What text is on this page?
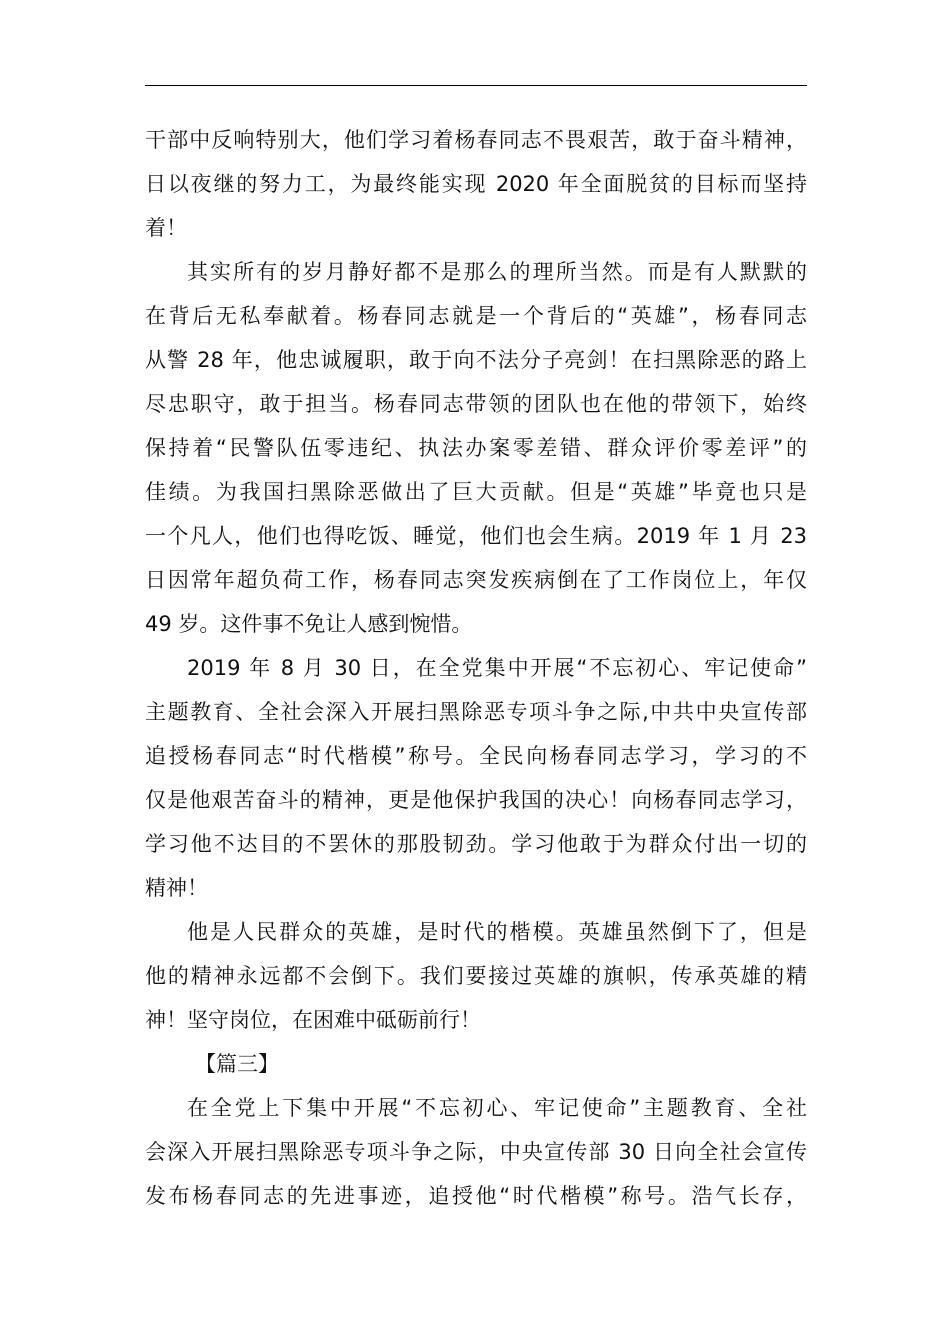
干部中反响特别大，他们学习着杨春同志不畏艰苦，敢于奋斗精神，
日以夜继的努力工，为最终能实现 2020 年全面脱贫的目标而坚持
着！
其实所有的岁月静好都不是那么的理所当然。而是有人默默的
在背后无私奉献着。杨春同志就是一个背后的“英雄”，杨春同志
从警 28 年，他忠诚履职，敢于向不法分子亮剑！在扫黑除恶的路上
尽忠职守，敢于担当。杨春同志带领的团队也在他的带领下，始终
保持着“民警队伍零违纪、执法办案零差错、群众评价零差评”的
佳绩。为我国扫黑除恶做出了巨大贡献。但是“英雄”毕竟也只是
一个凡人，他们也得吃饭、睡觉，他们也会生病。2019 年 1 月 23
日因常年超负荷工作，杨春同志突发疾病倒在了工作岗位上，年仅
49 岁。这件事不免让人感到惋惜。
2019 年 8 月 30 日，在全党集中开展“不忘初心、牢记使命”
主题教育、全社会深入开展扫黑除恶专项斗争之际,中共中央宣传部
追授杨春同志“时代楷模”称号。全民向杨春同志学习，学习的不
仅是他艰苦奋斗的精神，更是他保护我国的决心！向杨春同志学习，
学习他不达目的不罢休的那股韧劲。学习他敢于为群众付出一切的
精神！
他是人民群众的英雄，是时代的楷模。英雄虽然倒下了，但是
他的精神永远都不会倒下。我们要接过英雄的旗帜，传承英雄的精
神！坚守岗位，在困难中砥砺前行！
【篇三】
在全党上下集中开展“不忘初心、牢记使命”主题教育、全社
会深入开展扫黑除恶专项斗争之际，中央宣传部 30 日向全社会宣传
发布杨春同志的先进事迹，追授他“时代楷模”称号。浩气长存，
